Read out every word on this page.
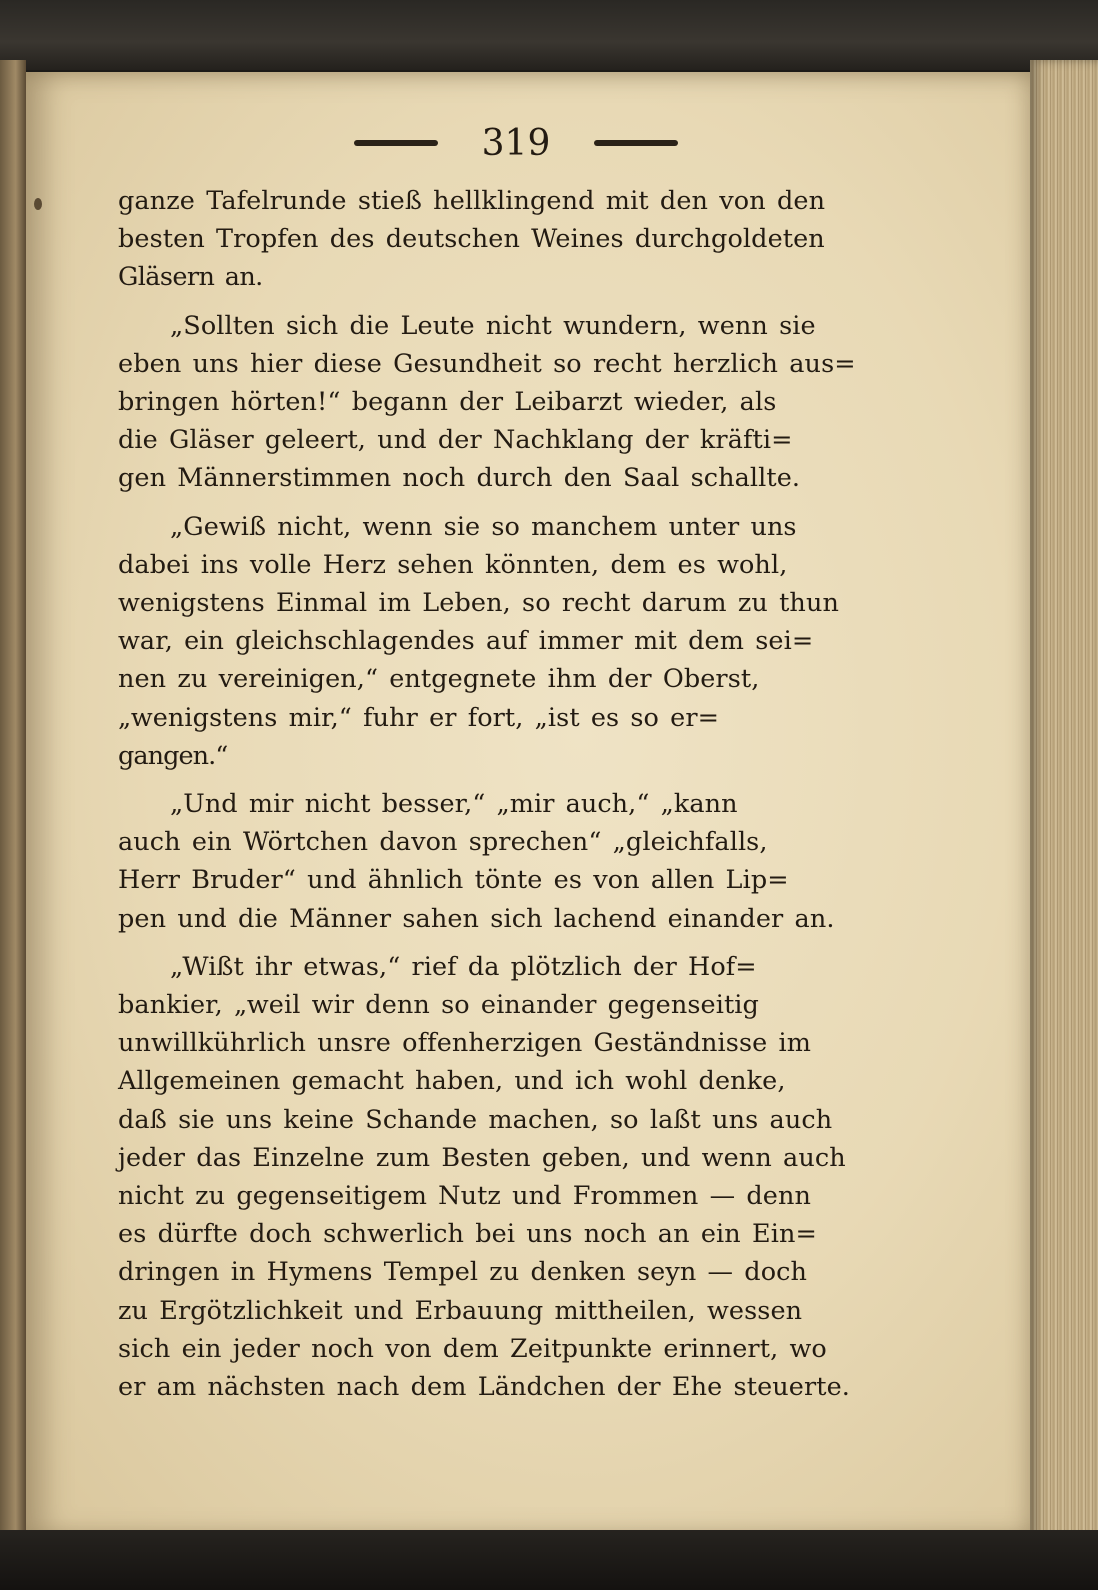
319
ganze Tafelrunde stieß hellklingend mit den von den
besten Tropfen des deutschen Weines durchgoldeten
Gläsern an.
„Sollten sich die Leute nicht wundern, wenn sie
eben uns hier diese Gesundheit so recht herzlich aus=
bringen hörten!“ begann der Leibarzt wieder, als
die Gläser geleert, und der Nachklang der kräfti=
gen Männerstimmen noch durch den Saal schallte.
„Gewiß nicht, wenn sie so manchem unter uns
dabei ins volle Herz sehen könnten, dem es wohl,
wenigstens Einmal im Leben, so recht darum zu thun
war, ein gleichschlagendes auf immer mit dem sei=
nen zu vereinigen,“ entgegnete ihm der Oberst,
„wenigstens mir,“ fuhr er fort, „ist es so er=
gangen.“
„Und mir nicht besser,“ „mir auch,“ „kann
auch ein Wörtchen davon sprechen“ „gleichfalls,
Herr Bruder“ und ähnlich tönte es von allen Lip=
pen und die Männer sahen sich lachend einander an.
„Wißt ihr etwas,“ rief da plötzlich der Hof=
bankier, „weil wir denn so einander gegenseitig
unwillkührlich unsre offenherzigen Geständnisse im
Allgemeinen gemacht haben, und ich wohl denke,
daß sie uns keine Schande machen, so laßt uns auch
jeder das Einzelne zum Besten geben, und wenn auch
nicht zu gegenseitigem Nutz und Frommen — denn
es dürfte doch schwerlich bei uns noch an ein Ein=
dringen in Hymens Tempel zu denken seyn — doch
zu Ergötzlichkeit und Erbauung mittheilen, wessen
sich ein jeder noch von dem Zeitpunkte erinnert, wo
er am nächsten nach dem Ländchen der Ehe steuerte.
